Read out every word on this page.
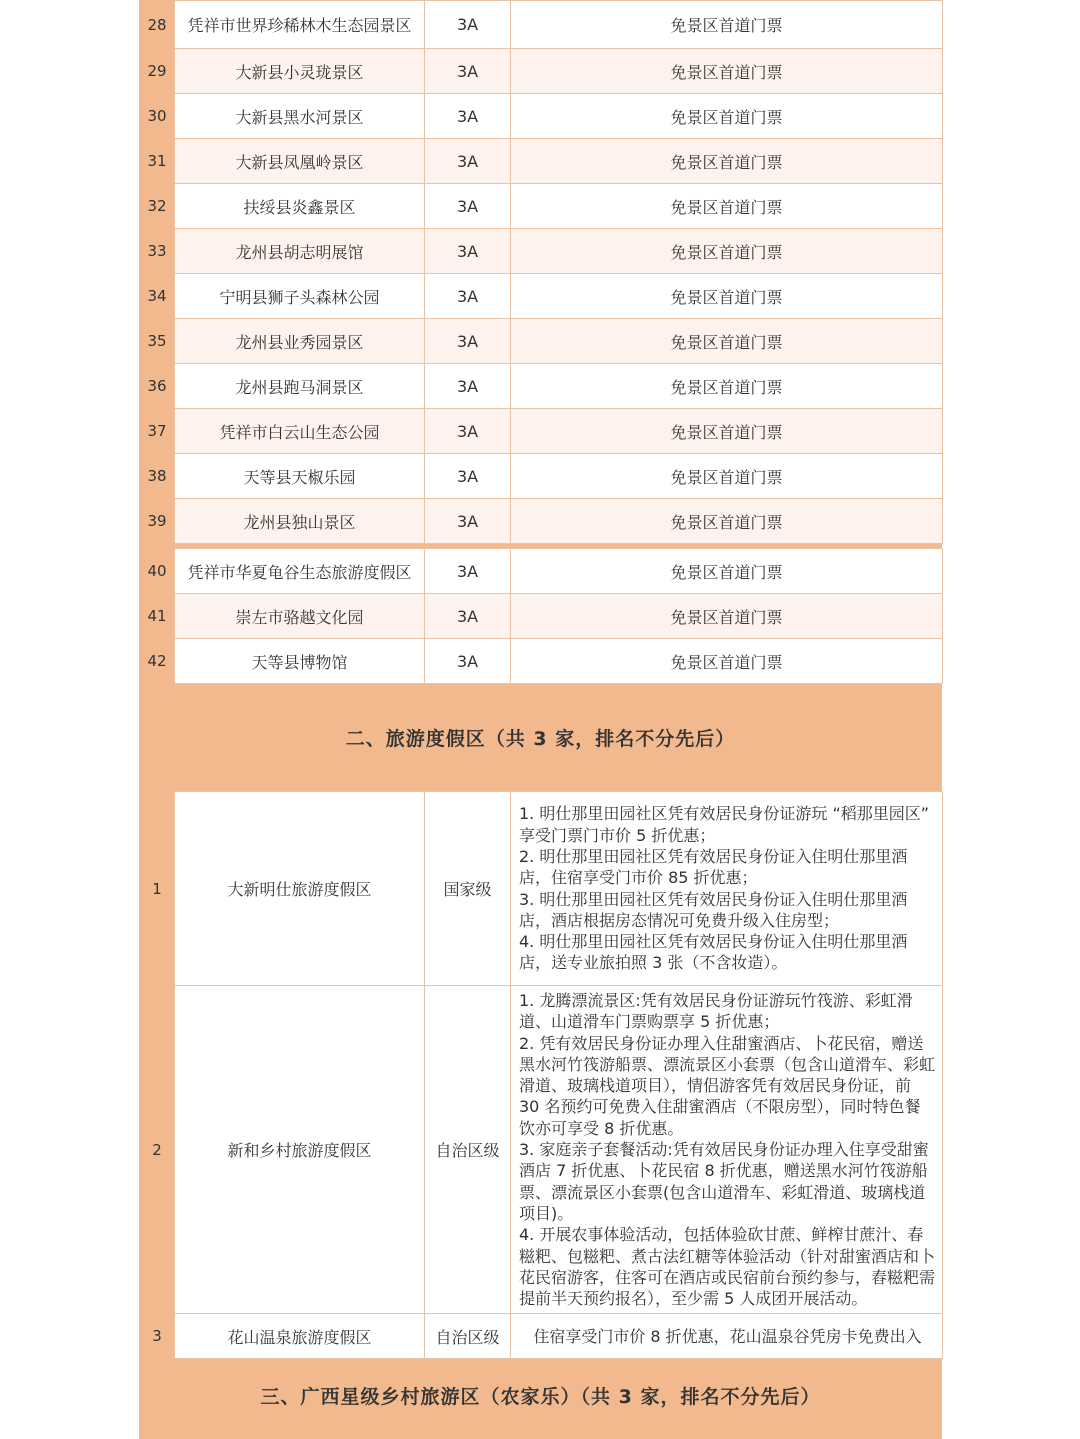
28	凭祥市世界珍稀林木生态园景区	3A	免景区首道门票
29	大新县小灵珑景区	3A	免景区首道门票
30	大新县黑水河景区	3A	免景区首道门票
31	大新县凤凰岭景区	3A	免景区首道门票
32	扶绥县炎鑫景区	3A	免景区首道门票
33	龙州县胡志明展馆	3A	免景区首道门票
34	宁明县狮子头森林公园	3A	免景区首道门票
35	龙州县业秀园景区	3A	免景区首道门票
36	龙州县跑马洞景区	3A	免景区首道门票
37	凭祥市白云山生态公园	3A	免景区首道门票
38	天等县天椒乐园	3A	免景区首道门票
39	龙州县独山景区	3A	免景区首道门票
40	凭祥市华夏龟谷生态旅游度假区	3A	免景区首道门票
41	崇左市骆越文化园	3A	免景区首道门票
42	天等县博物馆	3A	免景区首道门票
二、旅游度假区（共 3 家，排名不分先后）
1	大新明仕旅游度假区	国家级	1. 明仕那里田园社区凭有效居民身份证游玩 “稻那里园区” 享受门票门市价 5 折优惠；

2. 明仕那里田园社区凭有效居民身份证入住明仕那里酒店，住宿享受门市价 85 折优惠；

3. 明仕那里田园社区凭有效居民身份证入住明仕那里酒店，酒店根据房态情况可免费升级入住房型；

4. 明仕那里田园社区凭有效居民身份证入住明仕那里酒店，送专业旅拍照 3 张（不含妆造）。

2	新和乡村旅游度假区	自治区级	1. 龙腾漂流景区:凭有效居民身份证游玩竹筏游、彩虹滑道、山道滑车门票购票享 5 折优惠；

2. 凭有效居民身份证办理入住甜蜜酒店、卜花民宿，赠送黑水河竹筏游船票、漂流景区小套票（包含山道滑车、彩虹滑道、玻璃栈道项目），情侣游客凭有效居民身份证，前 30 名预约可免费入住甜蜜酒店（不限房型），同时特色餐饮亦可享受 8 折优惠。

3. 家庭亲子套餐活动:凭有效居民身份证办理入住享受甜蜜酒店 7 折优惠、卜花民宿 8 折优惠，赠送黑水河竹筏游船票、漂流景区小套票(包含山道滑车、彩虹滑道、玻璃栈道项目)。

4. 开展农事体验活动，包括体验砍甘蔗、鲜榨甘蔗汁、春糍粑、包糍粑、煮古法红糖等体验活动（针对甜蜜酒店和卜花民宿游客，住客可在酒店或民宿前台预约参与，舂糍粑需提前半天预约报名），至少需 5 人成团开展活动。

3	花山温泉旅游度假区	自治区级	住宿享受门市价 8 折优惠，花山温泉谷凭房卡免费出入

三、广西星级乡村旅游区（农家乐）（共 3 家，排名不分先后）
